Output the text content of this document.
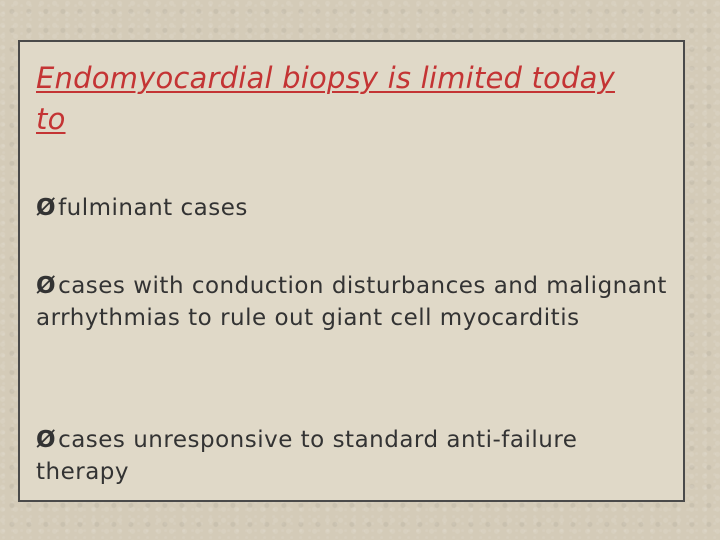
Endomyocardial biopsy is limited today
to

Øfulminant cases

Øcases with conduction disturbances and malignant arrhythmias to rule out giant cell myocarditis

Øcases unresponsive to standard anti-failure therapy
